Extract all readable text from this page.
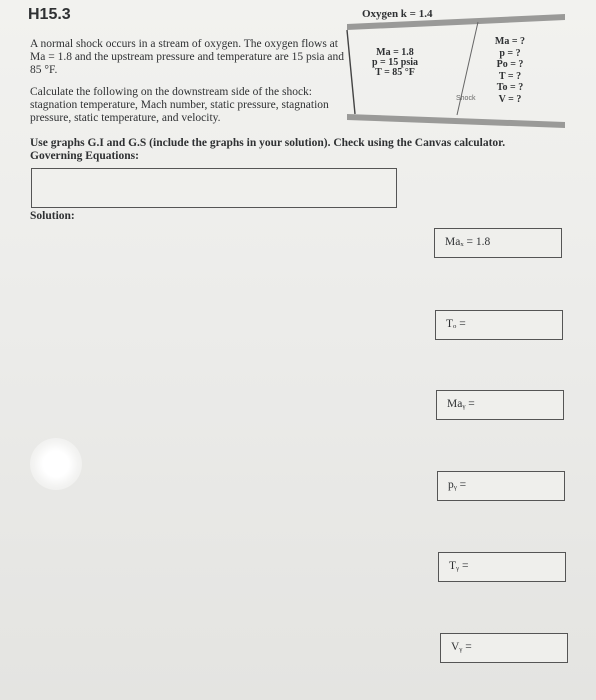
H15.3	Oxygen k = 1.4
A normal shock occurs in a stream of oxygen. The oxygen flows at Ma = 1.8 and the upstream pressure and temperature are 15 psia and 85 °F.
Calculate the following on the downstream side of the shock: stagnation temperature, Mach number, static pressure, stagnation pressure, static temperature, and velocity.
Ma = 1.8
p = 15 psia
T = 85 °F
Ma = ?
p = ?
Po = ?
T = ?
To = ?
V = ?
Shock
Use graphs G.I and G.S (include the graphs in your solution). Check using the Canvas calculator.
Governing Equations:
Solution:
Maₓ = 1.8
Tₒ =
Maᵧ =
pᵧ =
Tᵧ =
Vᵧ =
